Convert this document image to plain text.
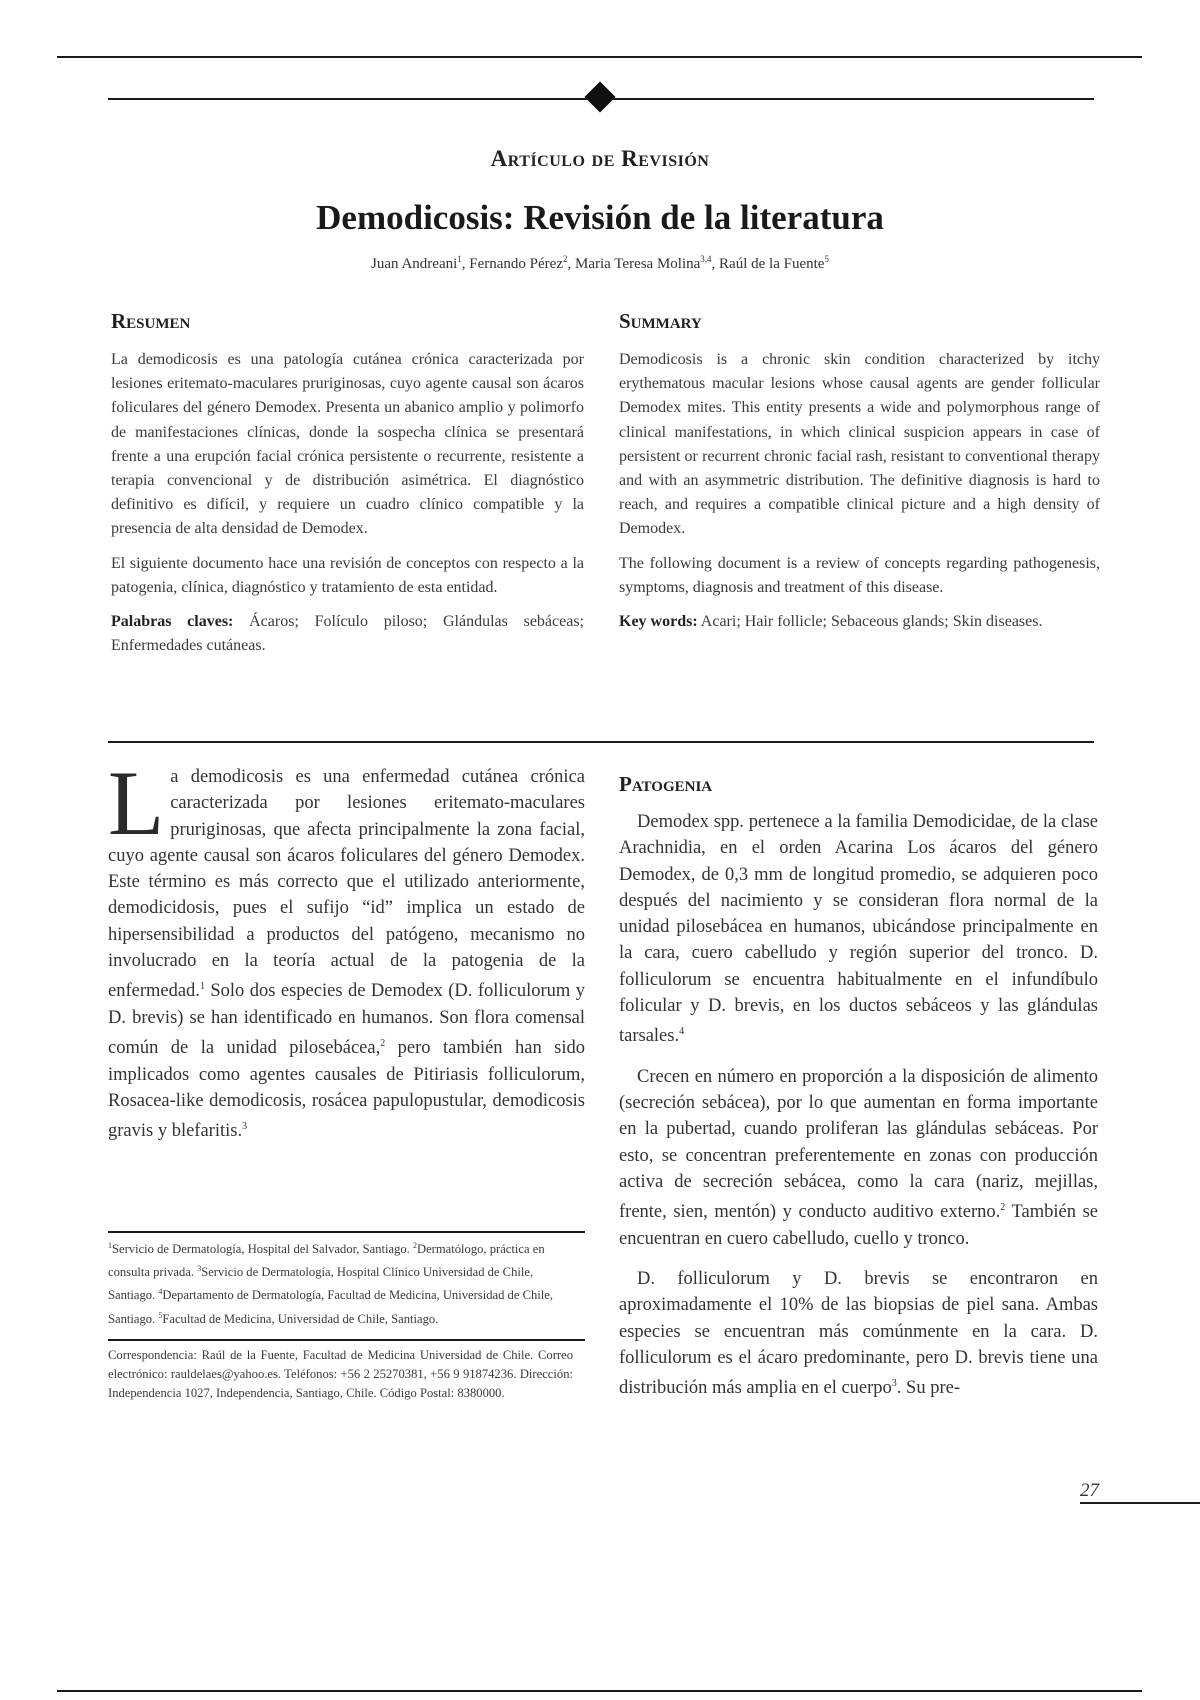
Artículo de Revisión
Demodicosis: Revisión de la literatura
Juan Andreani$^1$, Fernando Pérez$^2$, Maria Teresa Molina$^{3,4}$, Raúl de la Fuente$^5$
Resumen

La demodicosis es una patología cutánea crónica caracterizada por lesiones eritemato-maculares pruriginosas, cuyo agente causal son ácaros foliculares del género Demodex. Presenta un abanico amplio y polimorfo de manifestaciones clínicas, donde la sospecha clínica se presentará frente a una erupción facial crónica persistente o recurrente, resistente a terapia convencional y de distribución asimétrica. El diagnóstico definitivo es difícil, y requiere un cuadro clínico compatible y la presencia de alta densidad de Demodex.

El siguiente documento hace una revisión de conceptos con respecto a la patogenia, clínica, diagnóstico y tratamiento de esta entidad.

Palabras claves: Ácaros; Folículo piloso; Glándulas sebáceas; Enfermedades cutáneas.

Summary

Demodicosis is a chronic skin condition characterized by itchy erythematous macular lesions whose causal agents are gender follicular Demodex mites. This entity presents a wide and polymorphous range of clinical manifestations, in which clinical suspicion appears in case of persistent or recurrent chronic facial rash, resistant to conventional therapy and with an asymmetric distribution. The definitive diagnosis is hard to reach, and requires a compatible clinical picture and a high density of Demodex.

The following document is a review of concepts regarding pathogenesis, symptoms, diagnosis and treatment of this disease.

Key words: Acari; Hair follicle; Sebaceous glands; Skin diseases.

La demodicosis es una enfermedad cutánea crónica caracterizada por lesiones eritemato-maculares pruriginosas, que afecta principalmente la zona facial, cuyo agente causal son ácaros foliculares del género Demodex. Este término es más correcto que el utilizado anteriormente, demodicidosis, pues el sufijo “id” implica un estado de hipersensibilidad a productos del patógeno, mecanismo no involucrado en la teoría actual de la patogenia de la enfermedad.$^1$ Solo dos especies de Demodex (D. folliculorum y D. brevis) se han identificado en humanos. Son flora comensal común de la unidad pilosebácea,$^2$ pero también han sido implicados como agentes causales de Pitiriasis folliculorum, Rosacea-like demodicosis, rosácea papulopustular, demodicosis gravis y blefaritis.$^3$
$^1$Servicio de Dermatología, Hospital del Salvador, Santiago. $^2$Dermatólogo, práctica en consulta privada. $^3$Servicio de Dermatología, Hospital Clínico Universidad de Chile, Santiago. $^4$Departamento de Dermatología, Facultad de Medicina, Universidad de Chile, Santiago. $^5$Facultad de Medicina, Universidad de Chile, Santiago.
Correspondencia: Raúl de la Fuente, Facultad de Medicina Universidad de Chile. Correo electrónico: rauldelaes@yahoo.es. Teléfonos: +56 2 25270381, +56 9 91874236. Dirección: Independencia 1027, Independencia, Santiago, Chile. Código Postal: 8380000.
Patogenia

Demodex spp. pertenece a la familia Demodicidae, de la clase Arachnidia, en el orden Acarina Los ácaros del género Demodex, de 0,3 mm de longitud promedio, se adquieren poco después del nacimiento y se consideran flora normal de la unidad pilosebácea en humanos, ubicándose principalmente en la cara, cuero cabelludo y región superior del tronco. D. folliculorum se encuentra habitualmente en el infundíbulo folicular y D. brevis, en los ductos sebáceos y las glándulas tarsales.$^4$

Crecen en número en proporción a la disposición de alimento (secreción sebácea), por lo que aumentan en forma importante en la pubertad, cuando proliferan las glándulas sebáceas. Por esto, se concentran preferentemente en zonas con producción activa de secreción sebácea, como la cara (nariz, mejillas, frente, sien, mentón) y conducto auditivo externo.$^2$ También se encuentran en cuero cabelludo, cuello y tronco.

D. folliculorum y D. brevis se encontraron en aproximadamente el 10% de las biopsias de piel sana. Ambas especies se encuentran más comúnmente en la cara. D. folliculorum es el ácaro predominante, pero D. brevis tiene una distribución más amplia en el cuerpo$^3$. Su pre-

27
